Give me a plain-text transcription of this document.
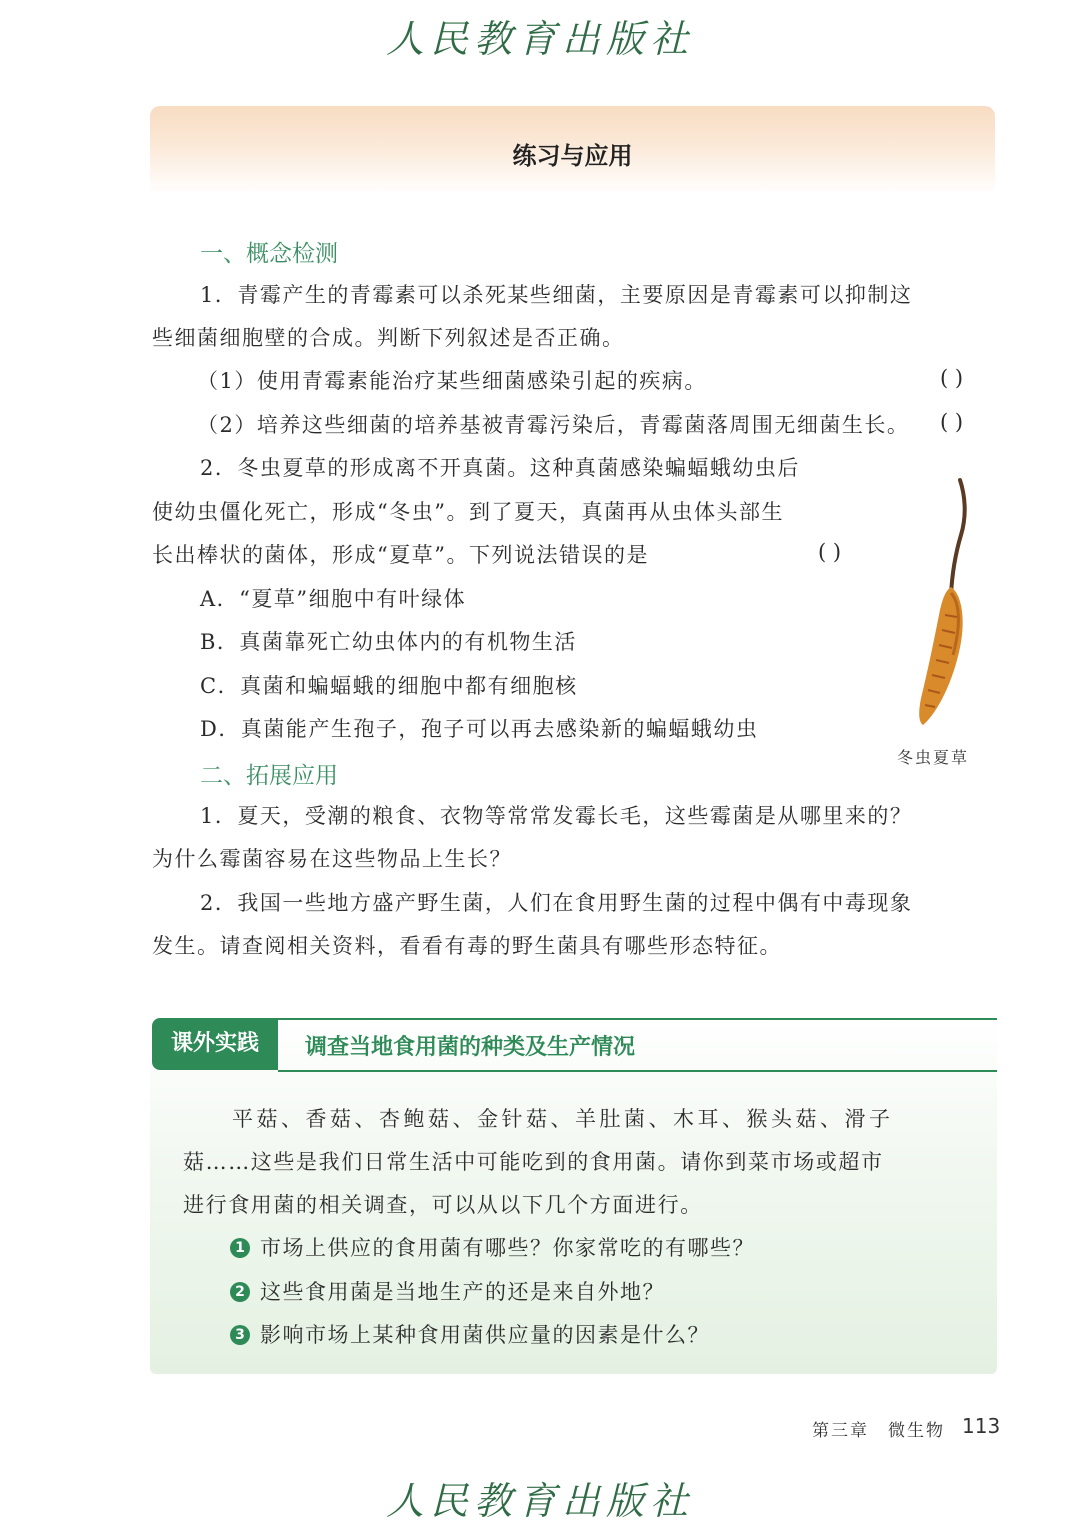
人民教育出版社
练习与应用
一、概念检测
1．青霉产生的青霉素可以杀死某些细菌，主要原因是青霉素可以抑制这
些细菌细胞壁的合成。判断下列叙述是否正确。
（1）使用青霉素能治疗某些细菌感染引起的疾病。	( )
（2）培养这些细菌的培养基被青霉污染后，青霉菌落周围无细菌生长。 ( )
2．冬虫夏草的形成离不开真菌。这种真菌感染蝙蝠蛾幼虫后
使幼虫僵化死亡，形成“冬虫”。到了夏天，真菌再从虫体头部生
长出棒状的菌体，形成“夏草”。下列说法错误的是	( )
A．“夏草”细胞中有叶绿体
B．真菌靠死亡幼虫体内的有机物生活
C．真菌和蝙蝠蛾的细胞中都有细胞核
D．真菌能产生孢子，孢子可以再去感染新的蝙蝠蛾幼虫
冬虫夏草
二、拓展应用
1．夏天，受潮的粮食、衣物等常常发霉长毛，这些霉菌是从哪里来的？
为什么霉菌容易在这些物品上生长？
2．我国一些地方盛产野生菌，人们在食用野生菌的过程中偶有中毒现象
发生。请查阅相关资料，看看有毒的野生菌具有哪些形态特征。
课外实践	调查当地食用菌的种类及生产情况
平菇、香菇、杏鲍菇、金针菇、羊肚菌、木耳、猴头菇、滑子
菇……这些是我们日常生活中可能吃到的食用菌。请你到菜市场或超市
进行食用菌的相关调查，可以从以下几个方面进行。
1 市场上供应的食用菌有哪些？你家常吃的有哪些？
2 这些食用菌是当地生产的还是来自外地？
3 影响市场上某种食用菌供应量的因素是什么？
第三章　微生物 113
人民教育出版社
